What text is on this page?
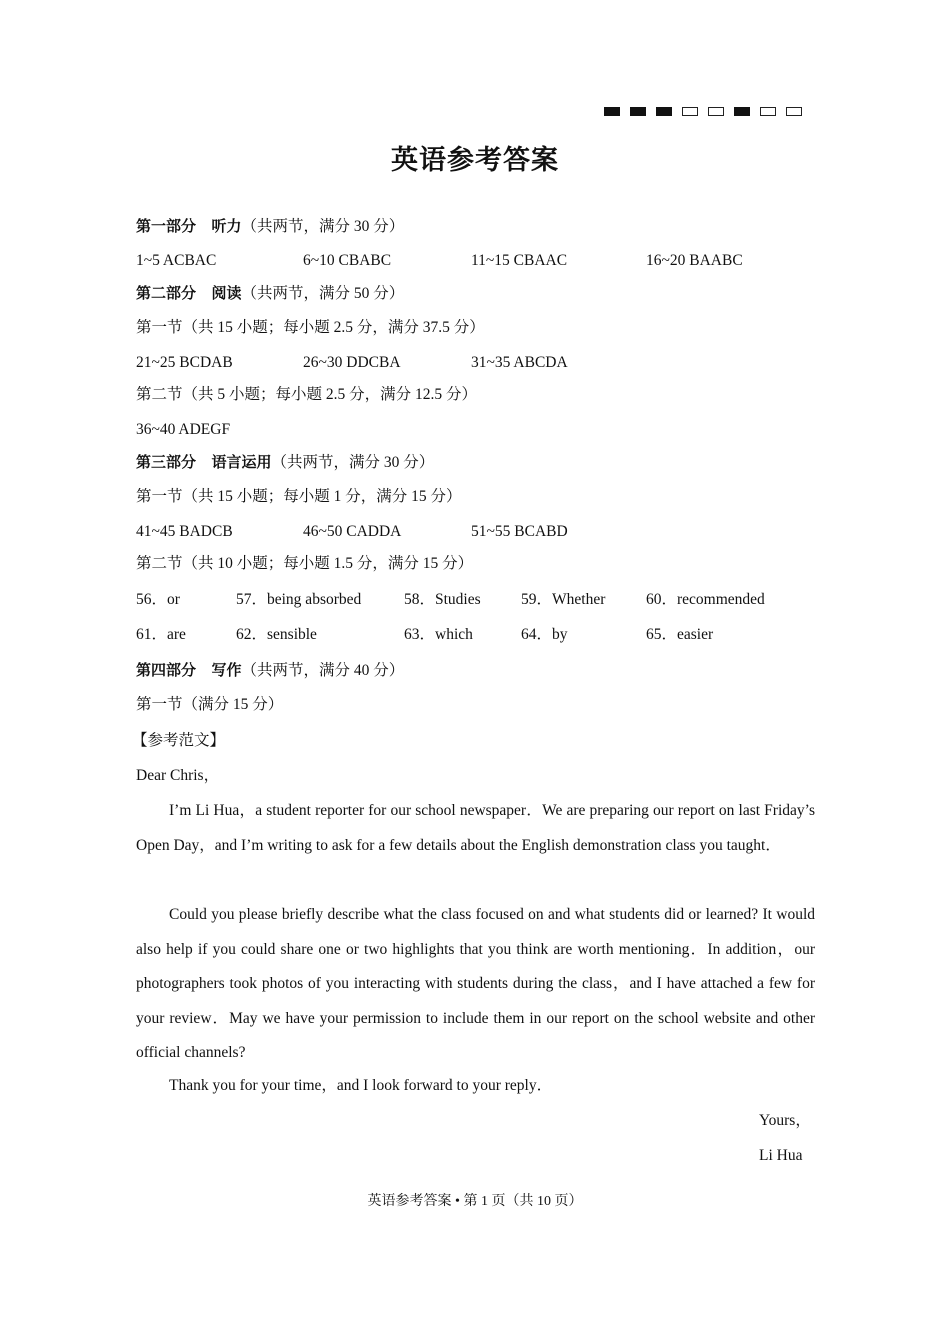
英语参考答案
第一部分 听力（共两节，满分 30 分）
1~5 ACBAC	6~10 CBABC	11~15 CBAAC	16~20 BAABC
第二部分 阅读（共两节，满分 50 分）
第一节（共 15 小题；每小题 2.5 分，满分 37.5 分）
21~25 BCDAB	26~30 DDCBA	31~35 ABCDA
第二节（共 5 小题；每小题 2.5 分，满分 12.5 分）
36~40 ADEGF
第三部分 语言运用（共两节，满分 30 分）
第一节（共 15 小题；每小题 1 分，满分 15 分）
41~45 BADCB	46~50 CADDA	51~55 BCABD
第二节（共 10 小题；每小题 1.5 分，满分 15 分）
56．or	57．being absorbed	58．Studies	59．Whether	60．recommended
61．are	62．sensible	63．which	64．by	65．easier
第四部分 写作（共两节，满分 40 分）
第一节（满分 15 分）
【参考范文】
Dear Chris，
I’m Li Hua，a student reporter for our school newspaper．We are preparing our report on last Friday’s Open Day，and I’m writing to ask for a few details about the English demonstration class you taught．
Could you please briefly describe what the class focused on and what students did or learned? It would also help if you could share one or two highlights that you think are worth mentioning．In addition，our photographers took photos of you interacting with students during the class，and I have attached a few for your review．May we have your permission to include them in our report on the school website and other official channels?
Thank you for your time，and I look forward to your reply．
Yours，
Li Hua
英语参考答案 • 第 1 页（共 10 页）
